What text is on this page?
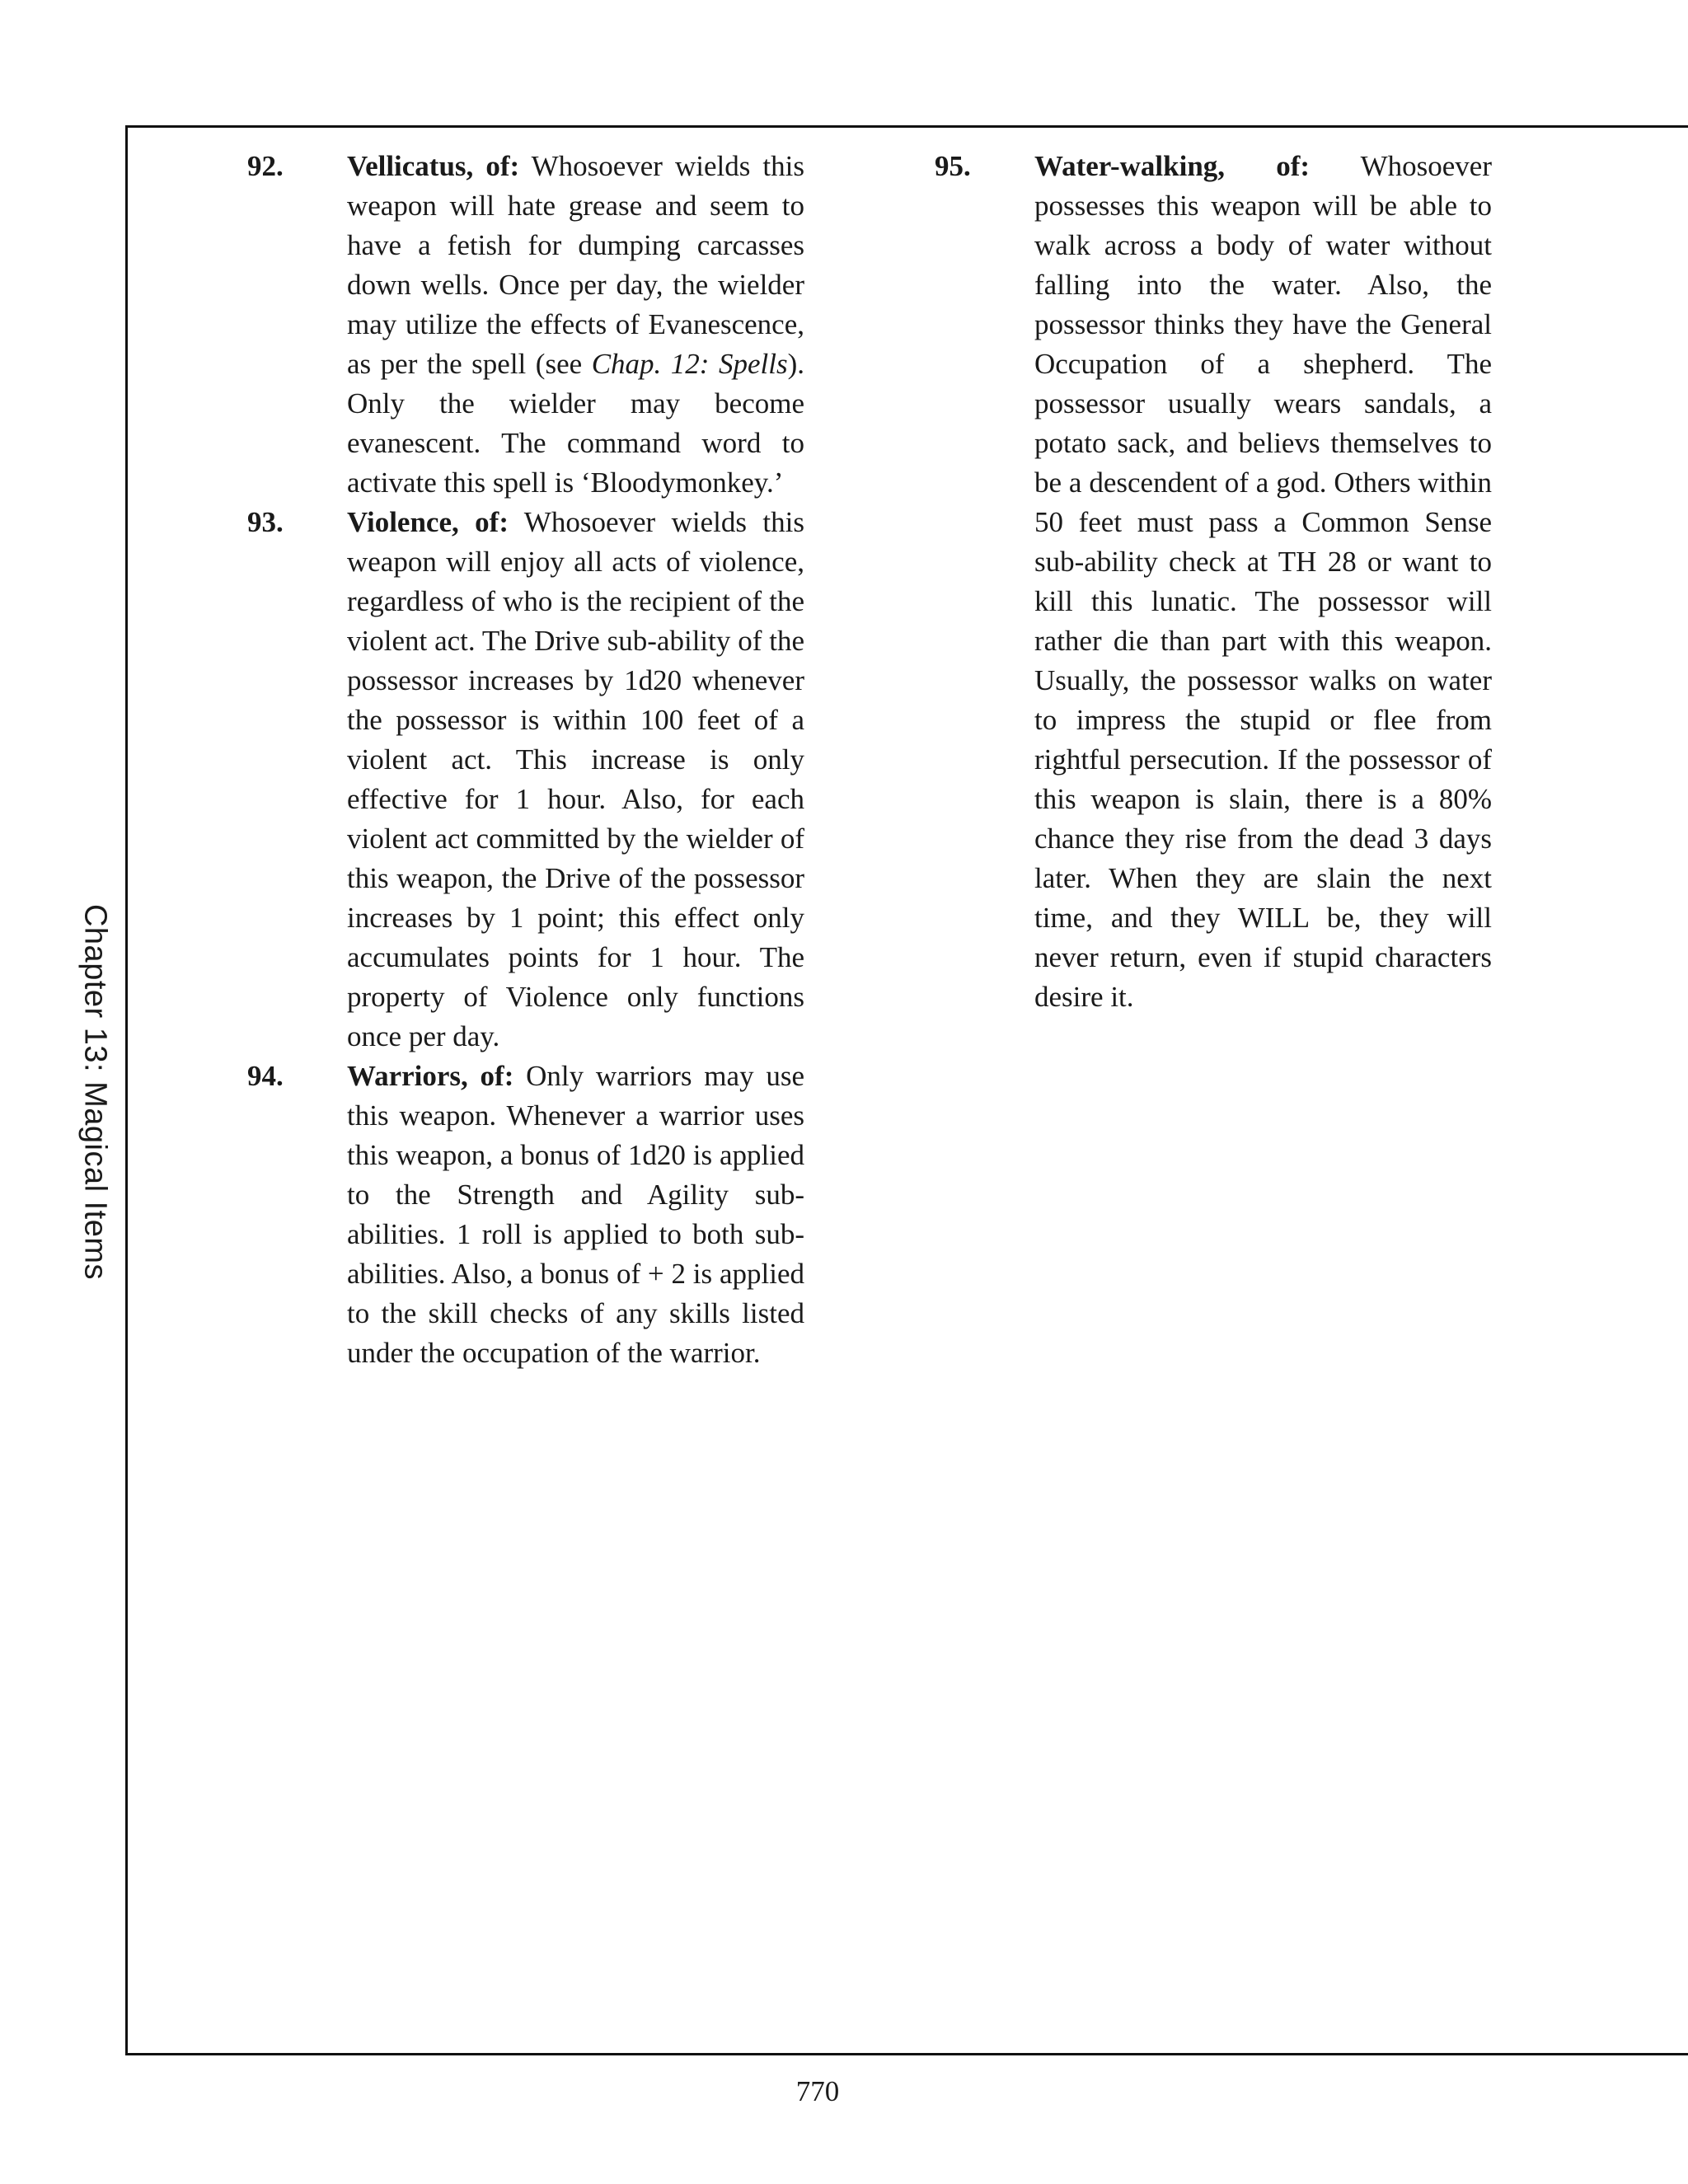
Chapter 13: Magical Items
92.	Vellicatus, of: Whosoever wields this weapon will hate grease and seem to have a fetish for dumping carcasses down wells. Once per day, the wielder may utilize the effects of Evanescence, as per the spell (see Chap. 12: Spells). Only the wielder may become evanescent. The command word to activate this spell is ‘Bloodymonkey.’
93.	Violence, of: Whosoever wields this weapon will enjoy all acts of violence, regardless of who is the recipient of the violent act. The Drive sub-ability of the possessor increases by 1d20 whenever the possessor is within 100 feet of a violent act. This increase is only effective for 1 hour. Also, for each violent act committed by the wielder of this weapon, the Drive of the possessor increases by 1 point; this effect only accumulates points for 1 hour. The property of Violence only functions once per day.
94.	Warriors, of: Only warriors may use this weapon. Whenever a warrior uses this weapon, a bonus of 1d20 is applied to the Strength and Agility sub-abilities. 1 roll is applied to both sub-abilities. Also, a bonus of + 2 is applied to the skill checks of any skills listed under the occupation of the warrior.
95.	Water-walking, of: Whosoever possesses this weapon will be able to walk across a body of water without falling into the water. Also, the possessor thinks they have the General Occupation of a shepherd. The possessor usually wears sandals, a potato sack, and believs themselves to be a descendent of a god. Others within 50 feet must pass a Common Sense sub-ability check at TH 28 or want to kill this lunatic. The possessor will rather die than part with this weapon. Usually, the possessor walks on water to impress the stupid or flee from rightful persecution. If the possessor of this weapon is slain, there is a 80% chance they rise from the dead 3 days later. When they are slain the next time, and they WILL be, they will never return, even if stupid characters desire it.
770
